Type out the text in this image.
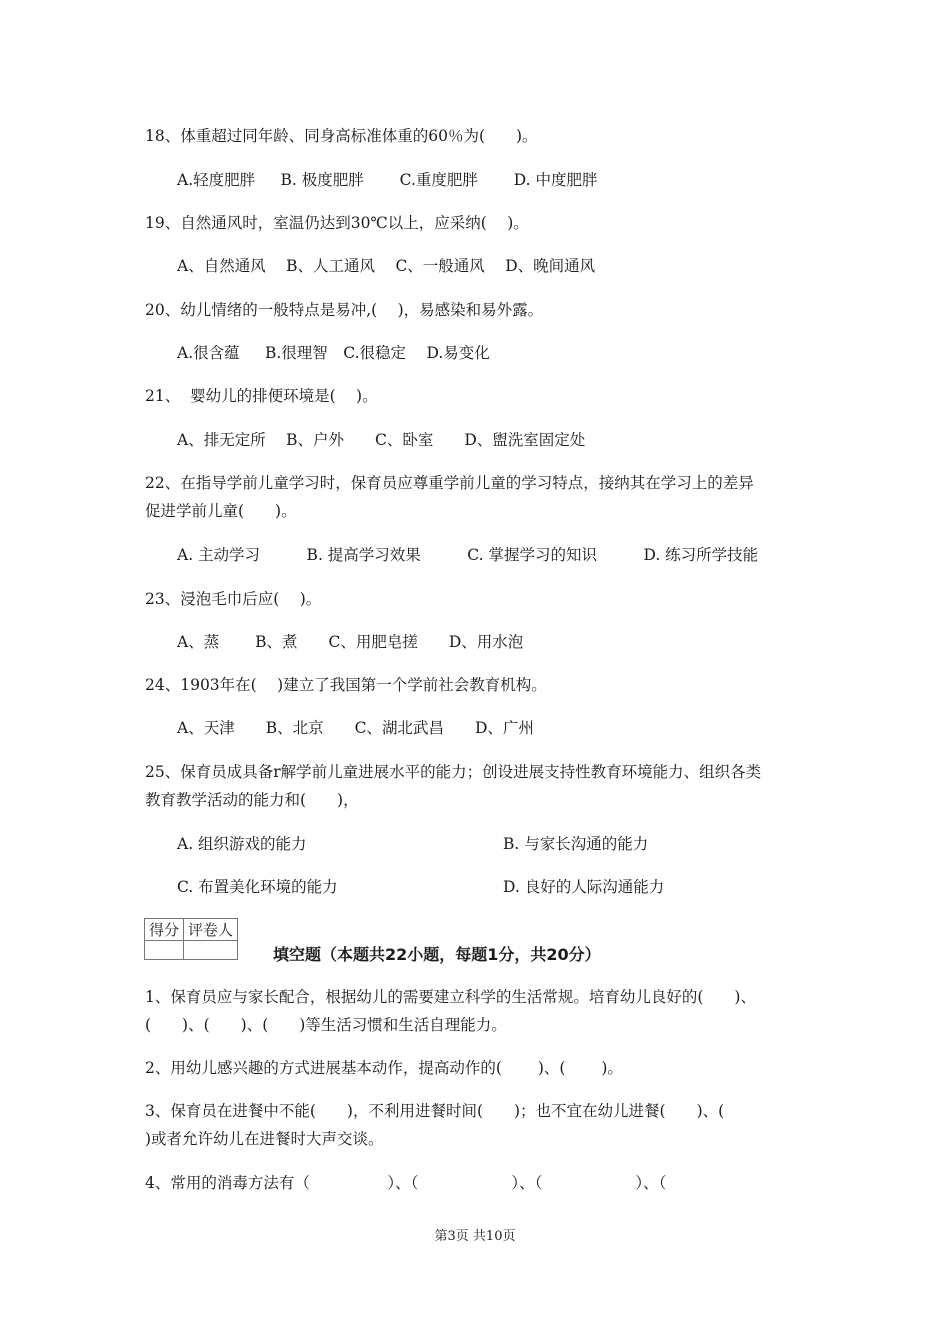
18、体重超过同年龄、同身高标准体重的60％为(　　)。
A.轻度肥胖　  B. 极度肥胖　　 C.重度肥胖　　 D. 中度肥胖
19、自然通风时，室温仍达到30℃以上，应采纳(　 )。
A、自然通风　 B、人工通风　 C、一般通风　 D、晚间通风
20、幼儿情绪的一般特点是易冲,(　 )，易感染和易外露。
A.很含蕴　  B.很理智　C.很稳定　 D.易变化
21、  婴幼儿的排便环境是(　 )。
A、排无定所　 B、户外　　C、卧室　　D、盥洗室固定处
22、在指导学前儿童学习时，保育员应尊重学前儿童的学习特点，接纳其在学习上的差异
促进学前儿童(　　)。
A. 主动学习　　　B. 提高学习效果　　　C. 掌握学习的知识　　　D. 练习所学技能
23、浸泡毛巾后应(　 )。
A、蒸　　 B、煮　　C、用肥皂搓　　D、用水泡
24、1903年在(　 )建立了我国第一个学前社会教育机构。
A、天津　　B、北京　　C、湖北武昌　　D、广州
25、保育员成具备r解学前儿童进展水平的能力；创设进展支持性教育环境能力、组织各类
教育教学活动的能力和(　　)，
A. 组织游戏的能力	B. 与家长沟通的能力
C. 布置美化环境的能力	D. 良好的人际沟通能力
得分	评卷人

填空题（本题共22小题，每题1分，共20分）
1、保育员应与家长配合，根据幼儿的需要建立科学的生活常规。培育幼儿良好的(　　)、
(　　)、(　　)、(　　)等生活习惯和生活自理能力。
2、用幼儿感兴趣的方式进展基本动作，提高动作的(　　 )、(　　 )。
3、保育员在进餐中不能(　　)，不利用进餐时间(　　)；也不宜在幼儿进餐(　　)、(
)或者允许幼儿在进餐时大声交谈。
4、常用的消毒方法有（　　　　　）、（　　　　　　）、（　　　　　　）、（
第3页 共10页
